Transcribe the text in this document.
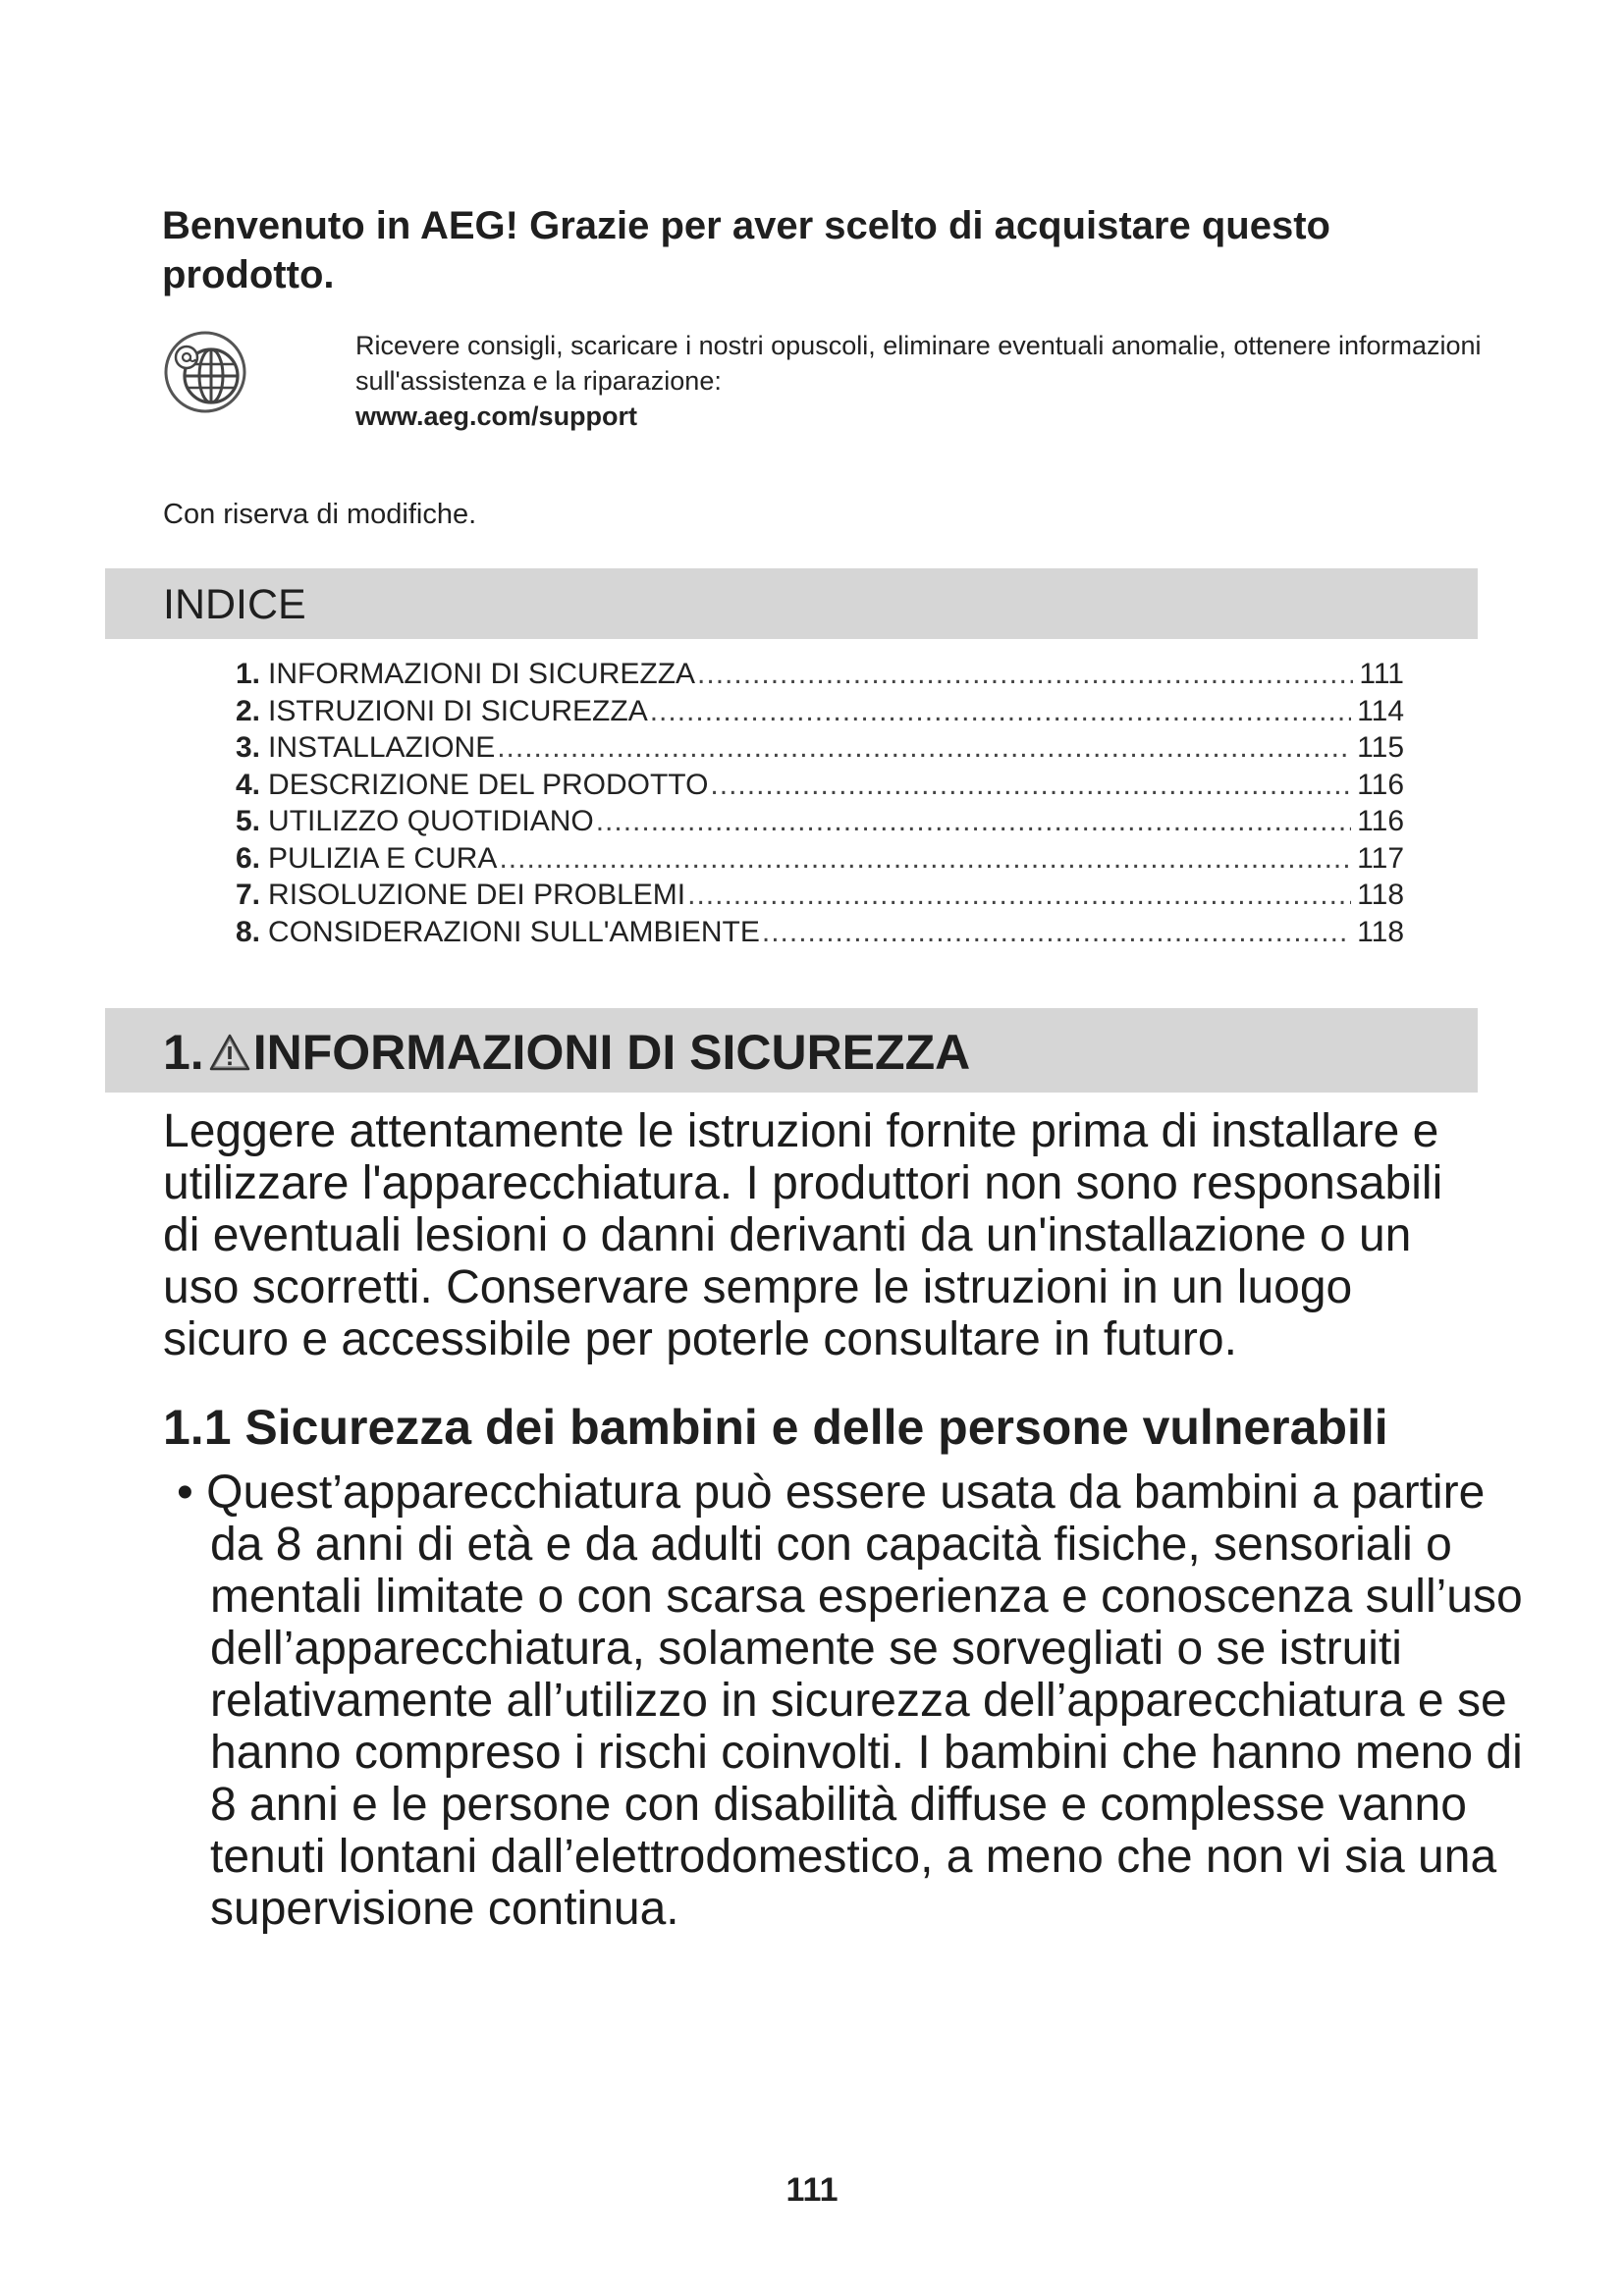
Benvenuto in AEG! Grazie per aver scelto di acquistare questo prodotto.
Ricevere consigli, scaricare i nostri opuscoli, eliminare eventuali anomalie, ottenere informazioni sull'assistenza e la riparazione:
www.aeg.com/support
Con riserva di modifiche.
INDICE
1. INFORMAZIONI DI SICUREZZA .....	111
2. ISTRUZIONI DI SICUREZZA .....	114
3. INSTALLAZIONE .....	115
4. DESCRIZIONE DEL PRODOTTO .....	116
5. UTILIZZO QUOTIDIANO .....	116
6. PULIZIA E CURA .....	117
7. RISOLUZIONE DEI PROBLEMI .....	118
8. CONSIDERAZIONI SULL'AMBIENTE .....	118
1. INFORMAZIONI DI SICUREZZA
Leggere attentamente le istruzioni fornite prima di installare e utilizzare l'apparecchiatura. I produttori non sono responsabili di eventuali lesioni o danni derivanti da un'installazione o un uso scorretti. Conservare sempre le istruzioni in un luogo sicuro e accessibile per poterle consultare in futuro.
1.1 Sicurezza dei bambini e delle persone vulnerabili
• Quest’apparecchiatura può essere usata da bambini a partire da 8 anni di età e da adulti con capacità fisiche, sensoriali o mentali limitate o con scarsa esperienza e conoscenza sull’uso dell’apparecchiatura, solamente se sorvegliati o se istruiti relativamente all’utilizzo in sicurezza dell’apparecchiatura e se hanno compreso i rischi coinvolti. I bambini che hanno meno di 8 anni e le persone con disabilità diffuse e complesse vanno tenuti lontani dall’elettrodomestico, a meno che non vi sia una supervisione continua.
111
